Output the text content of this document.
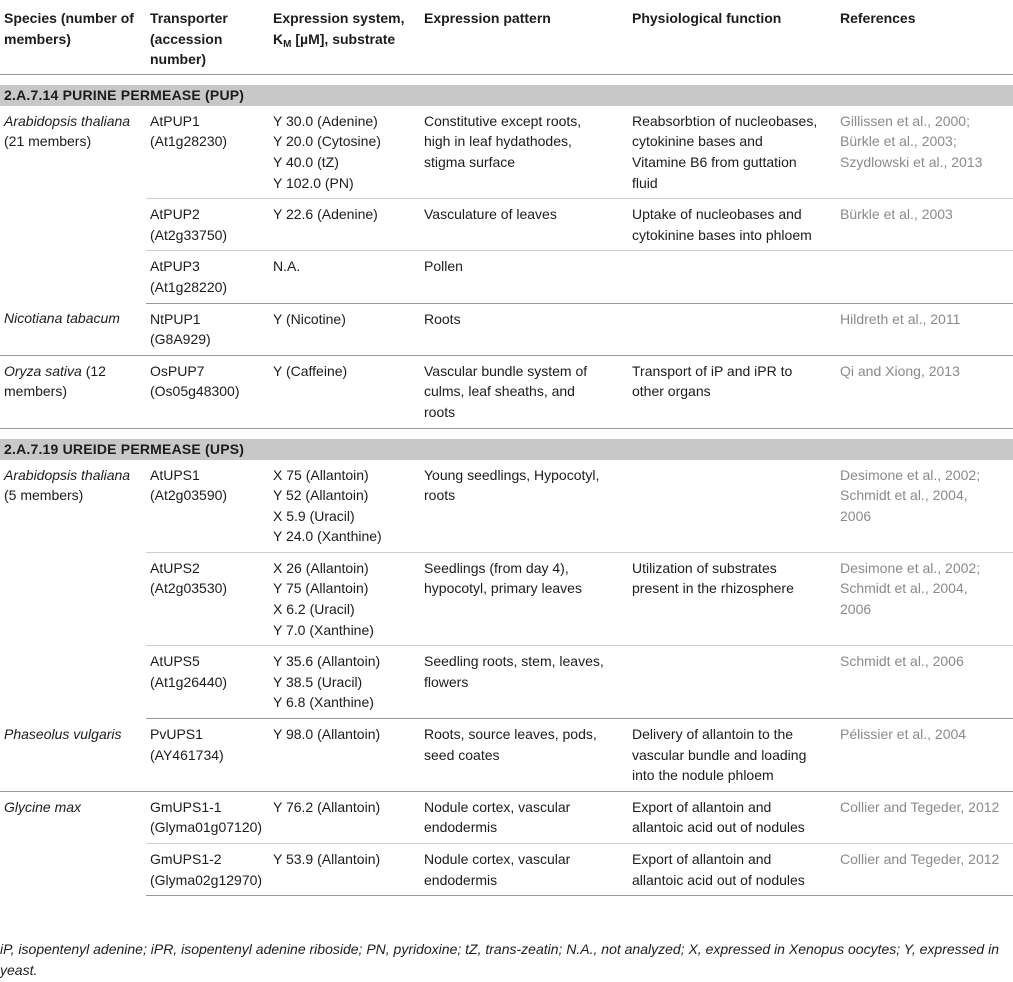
Species (number of members)	Transporter (accession number)	Expression system, $K_M$ [µM], substrate	Expression pattern	Physiological function	References

2.A.7.14 PURINE PERMEASE (PUP)					
Arabidopsis thaliana
(21 members)	AtPUP1
(At1g28230)	Y 30.0 (Adenine)
Y 20.0 (Cytosine)
Y 40.0 (tZ)
Y 102.0 (PN)	Constitutive except roots,
high in leaf hydathodes,
stigma surface	Reabsorbtion of nucleobases,
cytokinine bases and
Vitamine B6 from guttation
fluid	Gillissen et al., 2000;
Bürkle et al., 2003;
Szydlowski et al., 2013

	AtPUP2
(At2g33750)	Y 22.6 (Adenine)	Vasculature of leaves	Uptake of nucleobases and
cytokinine bases into phloem	Bürkle et al., 2003

	AtPUP3
(At1g28220)	N.A.	Pollen		

Nicotiana tabacum	NtPUP1
(G8A929)	Y (Nicotine)	Roots		Hildreth et al., 2011

Oryza sativa (12
members)	OsPUP7
(Os05g48300)	Y (Caffeine)	Vascular bundle system of
culms, leaf sheaths, and
roots	Transport of iP and iPR to
other organs	Qi and Xiong, 2013

2.A.7.19 UREIDE PERMEASE (UPS)					
Arabidopsis thaliana
(5 members)	AtUPS1
(At2g03590)	X 75 (Allantoin)
Y 52 (Allantoin)
X 5.9 (Uracil)
Y 24.0 (Xanthine)	Young seedlings, Hypocotyl,
roots		Desimone et al., 2002;
Schmidt et al., 2004,
2006

	AtUPS2
(At2g03530)	X 26 (Allantoin)
Y 75 (Allantoin)
X 6.2 (Uracil)
Y 7.0 (Xanthine)	Seedlings (from day 4),
hypocotyl, primary leaves	Utilization of substrates
present in the rhizosphere	Desimone et al., 2002;
Schmidt et al., 2004,
2006

	AtUPS5
(At1g26440)	Y 35.6 (Allantoin)
Y 38.5 (Uracil)
Y 6.8 (Xanthine)	Seedling roots, stem, leaves,
flowers		Schmidt et al., 2006

Phaseolus vulgaris	PvUPS1
(AY461734)	Y 98.0 (Allantoin)	Roots, source leaves, pods,
seed coates	Delivery of allantoin to the
vascular bundle and loading
into the nodule phloem	Pélissier et al., 2004

Glycine max	GmUPS1-1
(Glyma01g07120)	Y 76.2 (Allantoin)	Nodule cortex, vascular
endodermis	Export of allantoin and
allantoic acid out of nodules	Collier and Tegeder, 2012

	GmUPS1-2
(Glyma02g12970)	Y 53.9 (Allantoin)	Nodule cortex, vascular
endodermis	Export of allantoin and
allantoic acid out of nodules	Collier and Tegeder, 2012
iP, isopentenyl adenine; iPR, isopentenyl adenine riboside; PN, pyridoxine; tZ, trans-zeatin; N.A., not analyzed; X, expressed in Xenopus oocytes; Y, expressed in yeast.
